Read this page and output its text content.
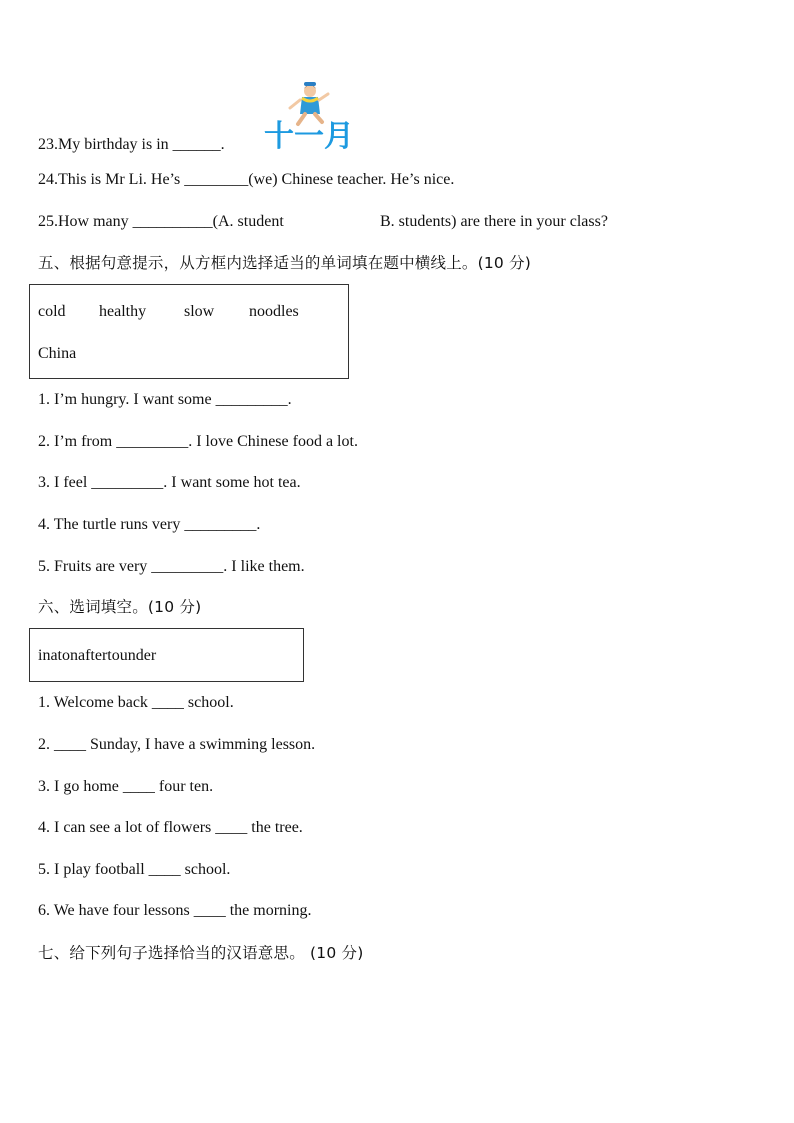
十一月
23.My birthday is in ______.
24.This is Mr Li. He’s ________(we) Chinese teacher. He’s nice.
25.How many __________(A. student	B. students) are there in your class?
五、根据句意提示，从方框内选择适当的单词填在题中横线上。(10 分)
cold healthy slow noodles
China
1. I’m hungry. I want some _________.
2. I’m from _________. I love Chinese food a lot.
3. I feel _________. I want some hot tea.
4. The turtle runs very _________.
5. Fruits are very _________. I like them.
六、选词填空。(10 分)
inatonaftertounder
1. Welcome back ____ school.
2. ____ Sunday, I have a swimming lesson.
3. I go home ____ four ten.
4. I can see a lot of flowers ____ the tree.
5. I play football ____ school.
6. We have four lessons ____ the morning.
七、给下列句子选择恰当的汉语意思。 (10 分)
